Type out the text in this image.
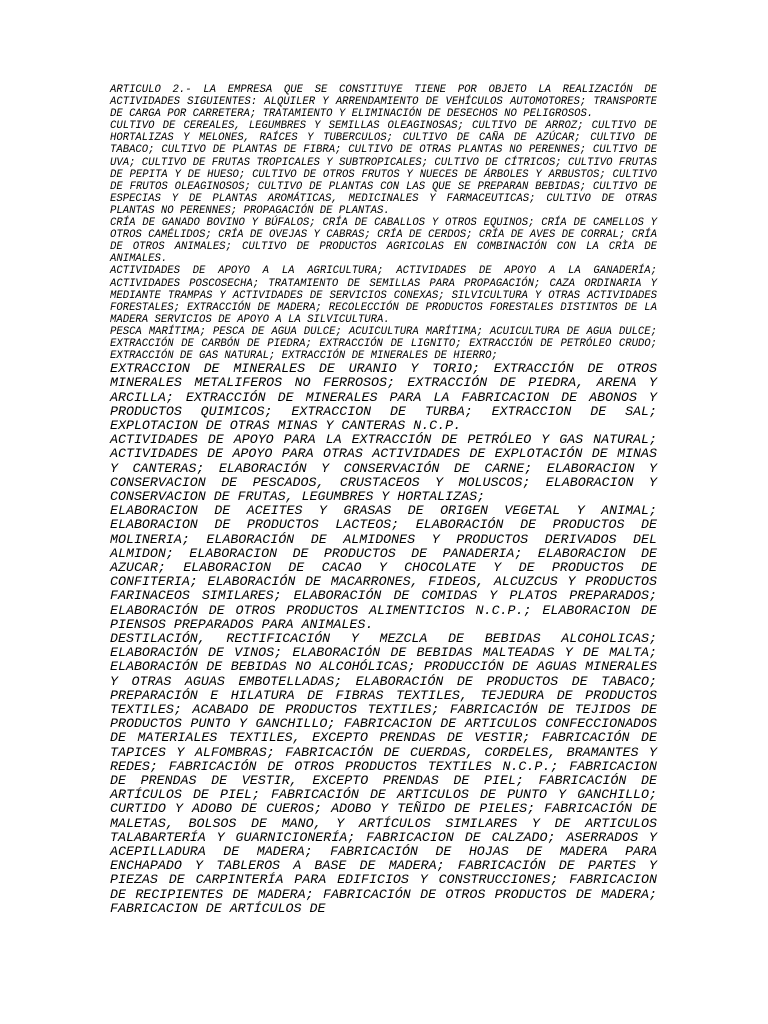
ARTICULO 2.- LA EMPRESA QUE SE CONSTITUYE TIENE POR OBJETO LA REALIZACIÓN DE ACTIVIDADES SIGUIENTES: ALQUILER Y ARRENDAMIENTO DE VEHÍCULOS AUTOMOTORES; TRANSPORTE DE CARGA POR CARRETERA; TRATAMIENTO Y ELIMINACIÓN DE DESECHOS NO PELIGROSOS.

CULTIVO DE CEREALES, LEGUMBRES Y SEMILLAS OLEAGINOSAS; CULTIVO DE ARROZ; CULTIVO DE HORTALIZAS Y MELONES, RAÍCES Y TUBERCULOS; CULTIVO DE CAÑA DE AZÚCAR; CULTIVO DE TABACO; CULTIVO DE PLANTAS DE FIBRA; CULTIVO DE OTRAS PLANTAS NO PERENNES; CULTIVO DE UVA; CULTIVO DE FRUTAS TROPICALES Y SUBTROPICALES; CULTIVO DE CÍTRICOS; CULTIVO FRUTAS DE PEPITA Y DE HUESO; CULTIVO DE OTROS FRUTOS Y NUECES DE ÁRBOLES Y ARBUSTOS; CULTIVO DE FRUTOS OLEAGINOSOS; CULTIVO DE PLANTAS CON LAS QUE SE PREPARAN BEBIDAS; CULTIVO DE ESPECIAS Y DE PLANTAS AROMÁTICAS, MEDICINALES Y FARMACEUTICAS; CULTIVO DE OTRAS PLANTAS NO PERENNES; PROPAGACIÓN DE PLANTAS.

CRÍA DE GANADO BOVINO Y BÚFALOS; CRÍA DE CABALLOS Y OTROS EQUINOS; CRÍA DE CAMELLOS Y OTROS CAMÉLIDOS; CRÍA DE OVEJAS Y CABRAS; CRÍA DE CERDOS; CRÍA DE AVES DE CORRAL; CRÍA DE OTROS ANIMALES; CULTIVO DE PRODUCTOS AGRICOLAS EN COMBINACIÓN CON LA CRÌA DE ANIMALES.

ACTIVIDADES DE APOYO A LA AGRICULTURA; ACTIVIDADES DE APOYO A LA GANADERÍA; ACTIVIDADES POSCOSECHA; TRATAMIENTO DE SEMILLAS PARA PROPAGACIÓN; CAZA ORDINARIA Y MEDIANTE TRAMPAS Y ACTIVIDADES DE SERVICIOS CONEXAS; SILVICULTURA Y OTRAS ACTIVIDADES FORESTALES; EXTRACCIÓN DE MADERA; RECOLECCIÓN DE PRODUCTOS FORESTALES DISTINTOS DE LA MADERA SERVICIOS DE APOYO A LA SILVICULTURA.

PESCA MARÍTIMA; PESCA DE AGUA DULCE; ACUICULTURA MARÍTIMA; ACUICULTURA DE AGUA DULCE; EXTRACCIÓN DE CARBÓN DE PIEDRA; EXTRACCIÓN DE LIGNITO; EXTRACCIÓN DE PETRÓLEO CRUDO; EXTRACCIÓN DE GAS NATURAL; EXTRACCIÓN DE MINERALES DE HIERRO;

EXTRACCION DE MINERALES DE URANIO Y TORIO; EXTRACCIÓN DE OTROS MINERALES METALIFEROS NO FERROSOS; EXTRACCIÓN DE PIEDRA, ARENA Y ARCILLA; EXTRACCIÓN DE MINERALES PARA LA FABRICACION DE ABONOS Y PRODUCTOS QUIMICOS; EXTRACCION DE TURBA; EXTRACCION DE SAL; EXPLOTACION DE OTRAS MINAS Y CANTERAS N.C.P.

ACTIVIDADES DE APOYO PARA LA EXTRACCIÓN DE PETRÓLEO Y GAS NATURAL; ACTIVIDADES DE APOYO PARA OTRAS ACTIVIDADES DE EXPLOTACIÓN DE MINAS Y CANTERAS; ELABORACIÓN Y CONSERVACIÓN DE CARNE; ELABORACION Y CONSERVACION DE PESCADOS, CRUSTACEOS Y MOLUSCOS; ELABORACION Y CONSERVACION DE FRUTAS, LEGUMBRES Y HORTALIZAS;

ELABORACION DE ACEITES Y GRASAS DE ORIGEN VEGETAL Y ANIMAL; ELABORACION DE PRODUCTOS LACTEOS; ELABORACIÓN DE PRODUCTOS DE MOLINERIA; ELABORACIÓN DE ALMIDONES Y PRODUCTOS DERIVADOS DEL ALMIDON; ELABORACION DE PRODUCTOS DE PANADERIA; ELABORACION DE AZUCAR; ELABORACION DE CACAO Y CHOCOLATE Y DE PRODUCTOS DE CONFITERIA; ELABORACIÓN DE MACARRONES, FIDEOS, ALCUZCUS Y PRODUCTOS FARINACEOS SIMILARES; ELABORACIÓN DE COMIDAS Y PLATOS PREPARADOS; ELABORACIÓN DE OTROS PRODUCTOS ALIMENTICIOS N.C.P.; ELABORACION DE PIENSOS PREPARADOS PARA ANIMALES.

DESTILACIÓN, RECTIFICACIÓN Y MEZCLA DE BEBIDAS ALCOHOLICAS; ELABORACIÓN DE VINOS; ELABORACIÓN DE BEBIDAS MALTEADAS Y DE MALTA; ELABORACIÓN DE BEBIDAS NO ALCOHÓLICAS; PRODUCCIÓN DE AGUAS MINERALES Y OTRAS AGUAS EMBOTELLADAS; ELABORACIÓN DE PRODUCTOS DE TABACO; PREPARACIÓN E HILATURA DE FIBRAS TEXTILES, TEJEDURA DE PRODUCTOS TEXTILES; ACABADO DE PRODUCTOS TEXTILES; FABRICACIÓN DE TEJIDOS DE PRODUCTOS PUNTO Y GANCHILLO; FABRICACION DE ARTICULOS CONFECCIONADOS DE MATERIALES TEXTILES, EXCEPTO PRENDAS DE VESTIR; FABRICACIÓN DE TAPICES Y ALFOMBRAS; FABRICACIÓN DE CUERDAS, CORDELES, BRAMANTES Y REDES; FABRICACIÓN DE OTROS PRODUCTOS TEXTILES N.C.P.; FABRICACION DE PRENDAS DE VESTIR, EXCEPTO PRENDAS DE PIEL; FABRICACIÓN DE ARTÍCULOS DE PIEL; FABRICACIÓN DE ARTICULOS DE PUNTO Y GANCHILLO; CURTIDO Y ADOBO DE CUEROS; ADOBO Y TEÑIDO DE PIELES; FABRICACIÓN DE MALETAS, BOLSOS DE MANO, Y ARTÍCULOS SIMILARES Y DE ARTICULOS TALABARTERÍA Y GUARNICIONERÍA; FABRICACION DE CALZADO; ASERRADOS Y ACEPILLADURA DE MADERA; FABRICACIÓN DE HOJAS DE MADERA PARA ENCHAPADO Y TABLEROS A BASE DE MADERA; FABRICACIÓN DE PARTES Y PIEZAS DE CARPINTERÍA PARA EDIFICIOS Y CONSTRUCCIONES; FABRICACION DE RECIPIENTES DE MADERA; FABRICACIÓN DE OTROS PRODUCTOS DE MADERA; FABRICACION DE ARTÍCULOS DE
